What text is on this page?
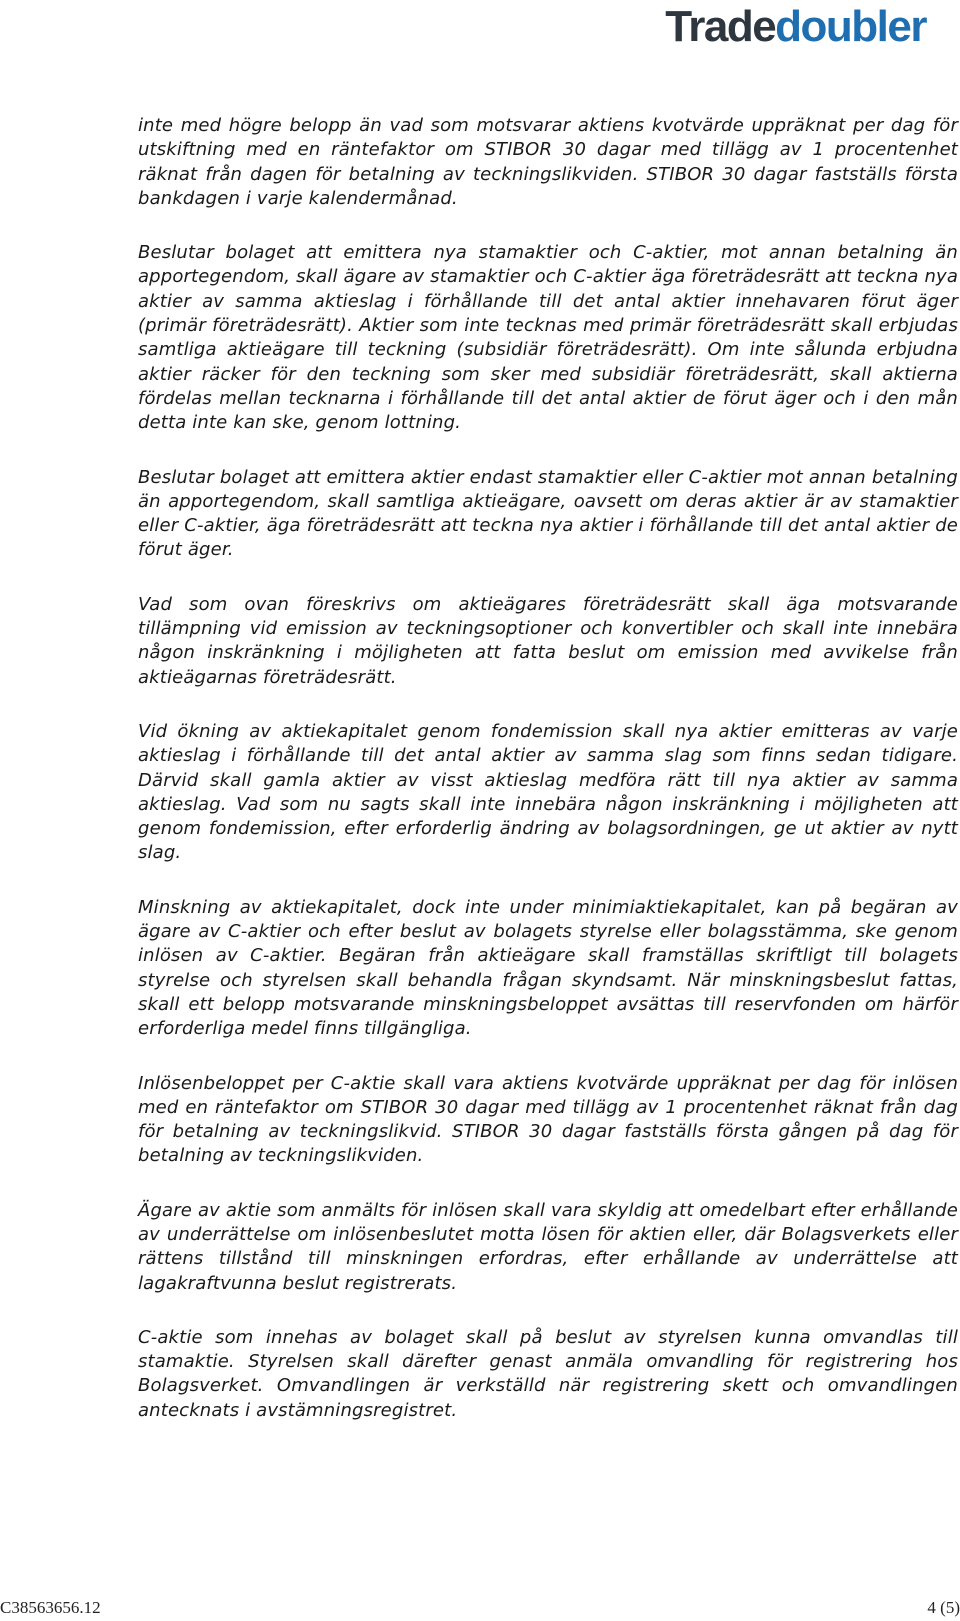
Tradedoubler

inte med högre belopp än vad som motsvarar aktiens kvotvärde uppräknat per dag för utskiftning med en räntefaktor om STIBOR 30 dagar med tillägg av 1 procentenhet räknat från dagen för betalning av teckningslikviden. STIBOR 30 dagar fastställs första bankdagen i varje kalendermånad.

Beslutar bolaget att emittera nya stamaktier och C-aktier, mot annan betalning än apportegendom, skall ägare av stamaktier och C-aktier äga företrädesrätt att teckna nya aktier av samma aktieslag i förhållande till det antal aktier innehavaren förut äger (primär företrädesrätt). Aktier som inte tecknas med primär företrädesrätt skall erbjudas samtliga aktieägare till teckning (subsidiär företrädesrätt). Om inte sålunda erbjudna aktier räcker för den teckning som sker med subsidiär företrädesrätt, skall aktierna fördelas mellan tecknarna i förhållande till det antal aktier de förut äger och i den mån detta inte kan ske, genom lottning.

Beslutar bolaget att emittera aktier endast stamaktier eller C-aktier mot annan betalning än apportegendom, skall samtliga aktieägare, oavsett om deras aktier är av stamaktier eller C-aktier, äga företrädesrätt att teckna nya aktier i förhållande till det antal aktier de förut äger.

Vad som ovan föreskrivs om aktieägares företrädesrätt skall äga motsvarande tillämpning vid emission av teckningsoptioner och konvertibler och skall inte innebära någon inskränkning i möjligheten att fatta beslut om emission med avvikelse från aktieägarnas företrädesrätt.

Vid ökning av aktiekapitalet genom fondemission skall nya aktier emitteras av varje aktieslag i förhållande till det antal aktier av samma slag som finns sedan tidigare. Därvid skall gamla aktier av visst aktieslag medföra rätt till nya aktier av samma aktieslag. Vad som nu sagts skall inte innebära någon inskränkning i möjligheten att genom fondemission, efter erforderlig ändring av bolagsordningen, ge ut aktier av nytt slag.

Minskning av aktiekapitalet, dock inte under minimiaktiekapitalet, kan på begäran av ägare av C-aktier och efter beslut av bolagets styrelse eller bolagsstämma, ske genom inlösen av C-aktier. Begäran från aktieägare skall framställas skriftligt till bolagets styrelse och styrelsen skall behandla frågan skyndsamt. När minskningsbeslut fattas, skall ett belopp motsvarande minskningsbeloppet avsättas till reservfonden om härför erforderliga medel finns tillgängliga.

Inlösenbeloppet per C-aktie skall vara aktiens kvotvärde uppräknat per dag för inlösen med en räntefaktor om STIBOR 30 dagar med tillägg av 1 procentenhet räknat från dag för betalning av teckningslikvid. STIBOR 30 dagar fastställs första gången på dag för betalning av teckningslikviden.

Ägare av aktie som anmälts för inlösen skall vara skyldig att omedelbart efter erhållande av underrättelse om inlösenbeslutet motta lösen för aktien eller, där Bolagsverkets eller rättens tillstånd till minskningen erfordras, efter erhållande av underrättelse att lagakraftvunna beslut registrerats.

C-aktie som innehas av bolaget skall på beslut av styrelsen kunna omvandlas till stamaktie. Styrelsen skall därefter genast anmäla omvandling för registrering hos Bolagsverket. Omvandlingen är verkställd när registrering skett och omvandlingen antecknats i avstämningsregistret.

C38563656.12	4 (5)
